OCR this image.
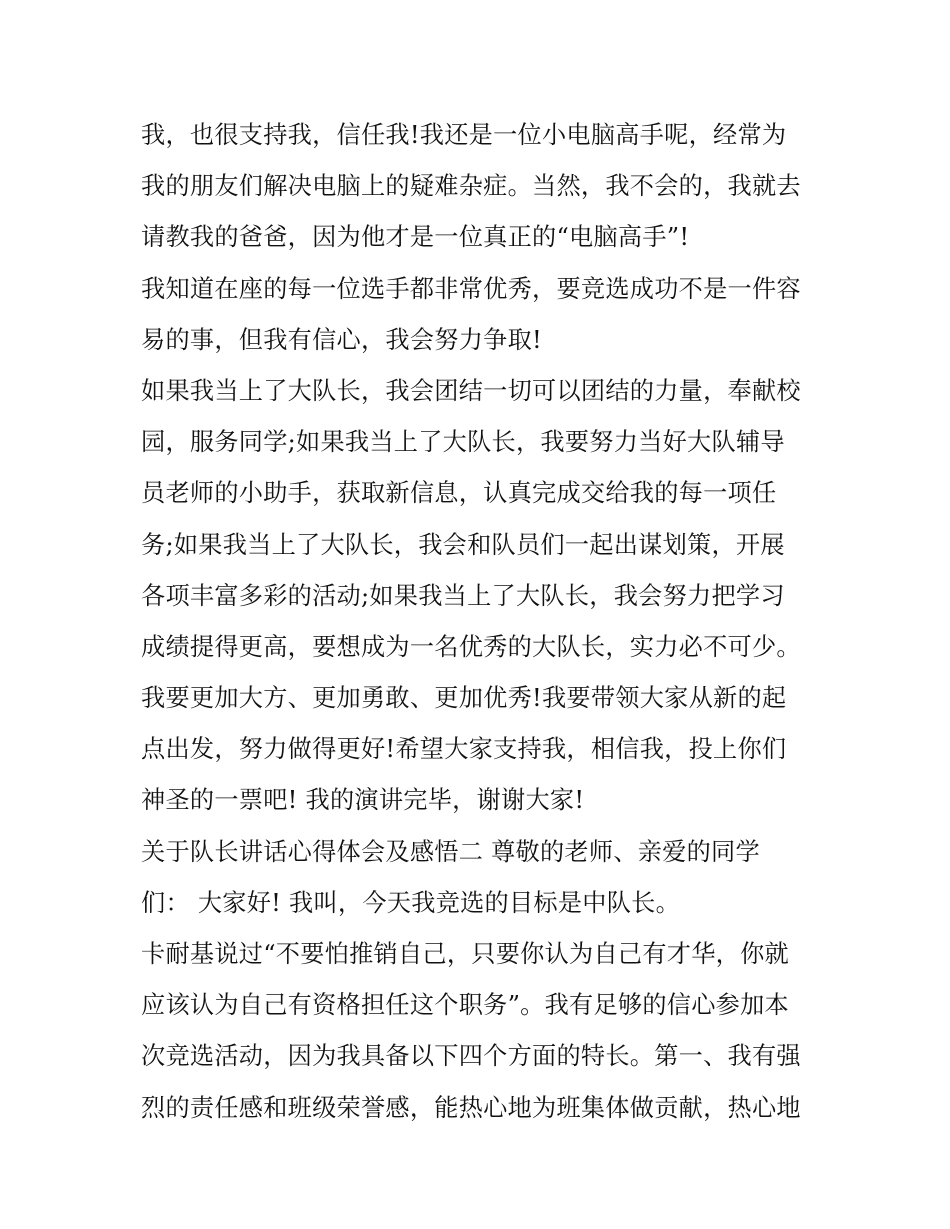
我，也很支持我，信任我!我还是一位小电脑高手呢，经常为
我的朋友们解决电脑上的疑难杂症。当然，我不会的，我就去
请教我的爸爸，因为他才是一位真正的“电脑高手”!
我知道在座的每一位选手都非常优秀，要竞选成功不是一件容
易的事，但我有信心，我会努力争取!
如果我当上了大队长，我会团结一切可以团结的力量，奉献校
园，服务同学;如果我当上了大队长，我要努力当好大队辅导
员老师的小助手，获取新信息，认真完成交给我的每一项任
务;如果我当上了大队长，我会和队员们一起出谋划策，开展
各项丰富多彩的活动;如果我当上了大队长，我会努力把学习
成绩提得更高，要想成为一名优秀的大队长，实力必不可少。
我要更加大方、更加勇敢、更加优秀!我要带领大家从新的起
点出发，努力做得更好!希望大家支持我，相信我，投上你们
神圣的一票吧! 我的演讲完毕，谢谢大家!
关于队长讲话心得体会及感悟二 尊敬的老师、亲爱的同学
们： 大家好! 我叫，今天我竞选的目标是中队长。
卡耐基说过“不要怕推销自己，只要你认为自己有才华，你就
应该认为自己有资格担任这个职务”。我有足够的信心参加本
次竞选活动，因为我具备以下四个方面的特长。第一、我有强
烈的责任感和班级荣誉感，能热心地为班集体做贡献，热心地
